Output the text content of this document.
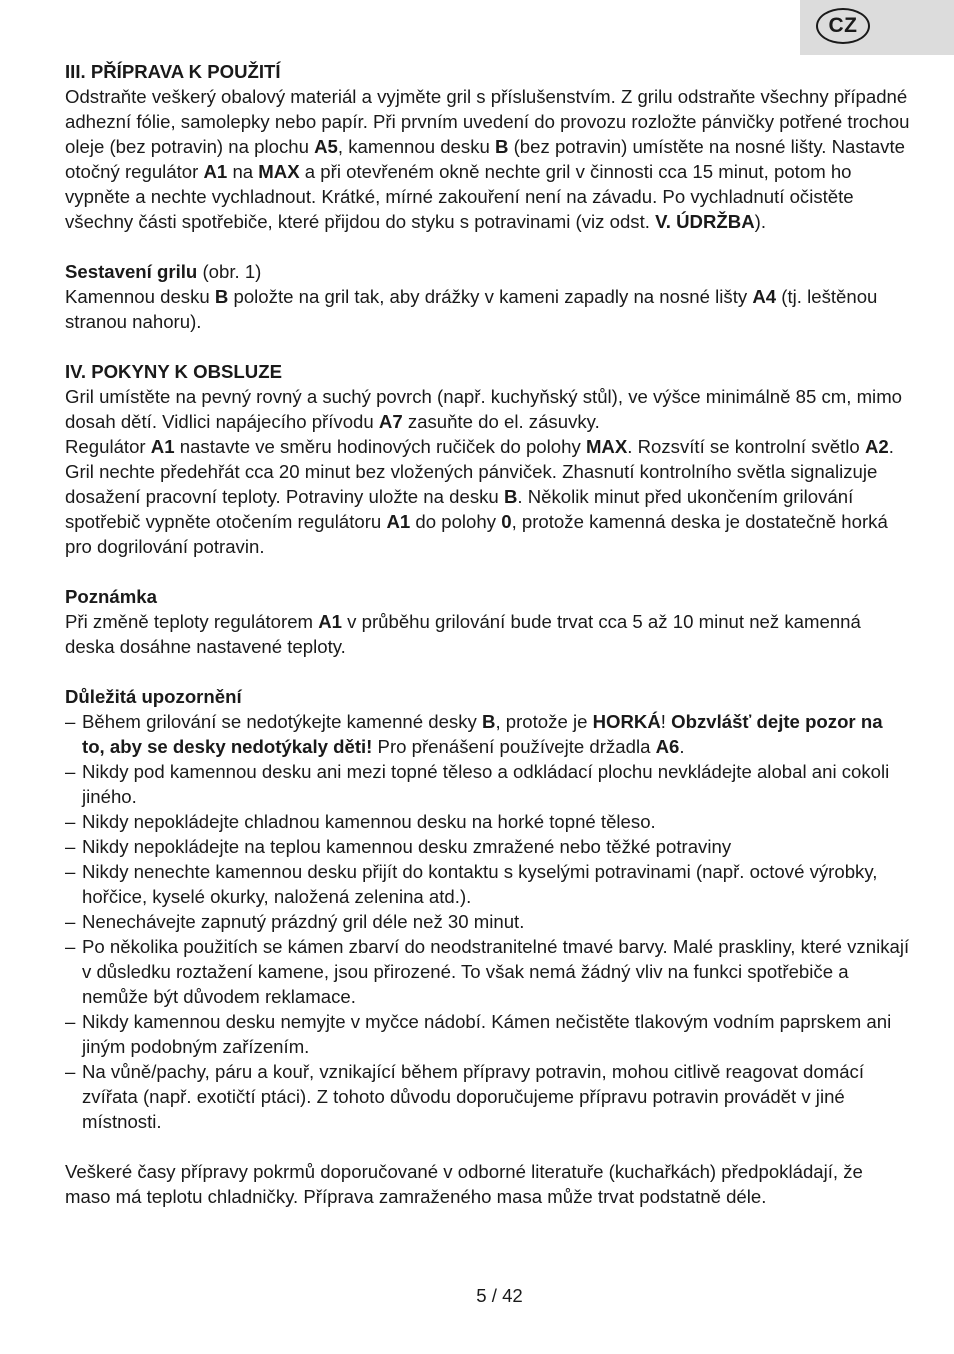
CZ

III. PŘÍPRAVA K POUŽITÍ

Odstraňte veškerý obalový materiál a vyjměte gril s příslušenstvím. Z grilu odstraňte všechny případné adhezní fólie, samolepky nebo papír. Při prvním uvedení do provozu rozložte pánvičky potřené trochou oleje (bez potravin) na plochu A5, kamennou desku B (bez potravin) umístěte na nosné lišty. Nastavte otočný regulátor A1 na MAX a při otevřeném okně nechte gril v činnosti cca 15 minut, potom ho vypněte a nechte vychladnout. Krátké, mírné zakouření není na závadu. Po vychladnutí očistěte všechny části spotřebiče, které přijdou do styku s potravinami (viz odst. V. ÚDRŽBA).

Sestavení grilu (obr. 1)

Kamennou desku B položte na gril tak, aby drážky v kameni zapadly na nosné lišty A4 (tj. leštěnou stranou nahoru).

IV. POKYNY K OBSLUZE

Gril umístěte na pevný rovný a suchý povrch (např. kuchyňský stůl), ve výšce minimálně 85 cm, mimo dosah dětí. Vidlici napájecího přívodu A7 zasuňte do el. zásuvky.

Regulátor A1 nastavte ve směru hodinových ručiček do polohy MAX. Rozsvítí se kontrolní světlo A2. Gril nechte předehřát cca 20 minut bez vložených pánviček. Zhasnutí kontrolního světla signalizuje dosažení pracovní teploty. Potraviny uložte na desku B. Několik minut před ukončením grilování spotřebič vypněte otočením regulátoru A1 do polohy 0, protože kamenná deska je dostatečně horká pro dogrilování potravin.

Poznámka

Při změně teploty regulátorem A1 v průběhu grilování bude trvat cca 5 až 10 minut než kamenná deska dosáhne nastavené teploty.

Důležitá upozornění

– Během grilování se nedotýkejte kamenné desky B, protože je HORKÁ! Obzvlášť dejte pozor na to, aby se desky nedotýkaly děti! Pro přenášení používejte držadla A6.
– Nikdy pod kamennou desku ani mezi topné těleso a odkládací plochu nevkládejte alobal ani cokoli jiného.
– Nikdy nepokládejte chladnou kamennou desku na horké topné těleso.
– Nikdy nepokládejte na teplou kamennou desku zmražené nebo těžké potraviny
– Nikdy nenechte kamennou desku přijít do kontaktu s kyselými potravinami (např. octové výrobky, hořčice, kyselé okurky, naložená zelenina atd.).
– Nenechávejte zapnutý prázdný gril déle než 30 minut.
– Po několika použitích se kámen zbarví do neodstranitelné tmavé barvy. Malé praskliny, které vznikají v důsledku roztažení kamene, jsou přirozené. To však nemá žádný vliv na funkci spotřebiče a nemůže být důvodem reklamace.
– Nikdy kamennou desku nemyjte v myčce nádobí. Kámen nečistěte tlakovým vodním paprskem ani jiným podobným zařízením.
– Na vůně/pachy, páru a kouř, vznikající během přípravy potravin, mohou citlivě reagovat domácí zvířata (např. exotičtí ptáci). Z tohoto důvodu doporučujeme přípravu potravin provádět v jiné místnosti.

Veškeré časy přípravy pokrmů doporučované v odborné literatuře (kuchařkách) předpokládají, že maso má teplotu chladničky. Příprava zamraženého masa může trvat podstatně déle.

5 / 42
